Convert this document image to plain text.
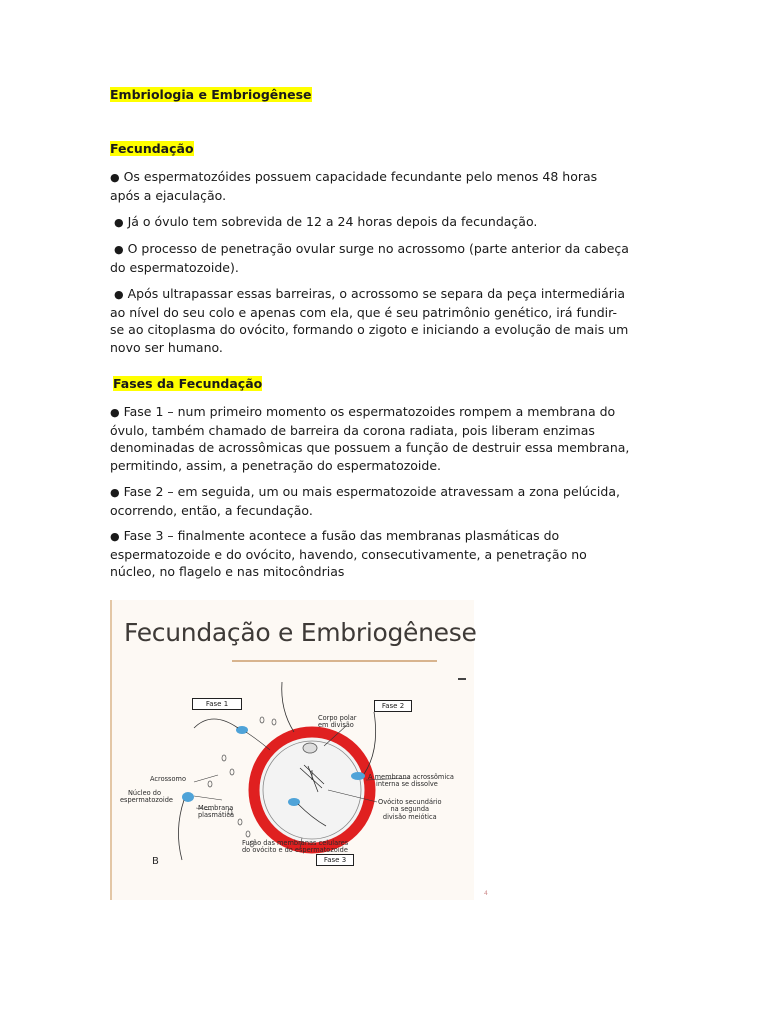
Embriologia e Embriogênese
Fecundação
● Os espermatozóides possuem capacidade fecundante pelo menos 48 horas após a ejaculação.
● Já o óvulo tem sobrevida de 12 a 24 horas depois da fecundação.
● O processo de penetração ovular surge no acrossomo (parte anterior da cabeça do espermatozoide).
● Após ultrapassar essas barreiras, o acrossomo se separa da peça intermediária ao nível do seu colo e apenas com ela, que é seu patrimônio genético, irá fundir-se ao citoplasma do ovócito, formando o zigoto e iniciando a evolução de mais um novo ser humano.
Fases da Fecundação
● Fase 1 – num primeiro momento os espermatozoides rompem a membrana do óvulo, também chamado de barreira da corona radiata, pois liberam enzimas denominadas de acrossômicas que possuem a função de destruir essa membrana, permitindo, assim, a penetração do espermatozoide.
● Fase 2 – em seguida, um ou mais espermatozoide atravessam a zona pelúcida, ocorrendo, então, a fecundação.
● Fase 3 – finalmente acontece a fusão das membranas plasmáticas do espermatozoide e do ovócito, havendo, consecutivamente, a penetração no núcleo, no flagelo e nas mitocôndrias
Fecundação e Embriogênese
Fase 1	Fase 2
Fase 3
Corpo polar
em divisão
A membrana acrossômica
interna se dissolve
Ovócito secundário
na segunda
divisão meiótica
Acrossomo
Núcleo do
espermatozoide
Membrana
plasmática
Fusão das membranas celulares
do ovócito e do espermatozoide
B
4
